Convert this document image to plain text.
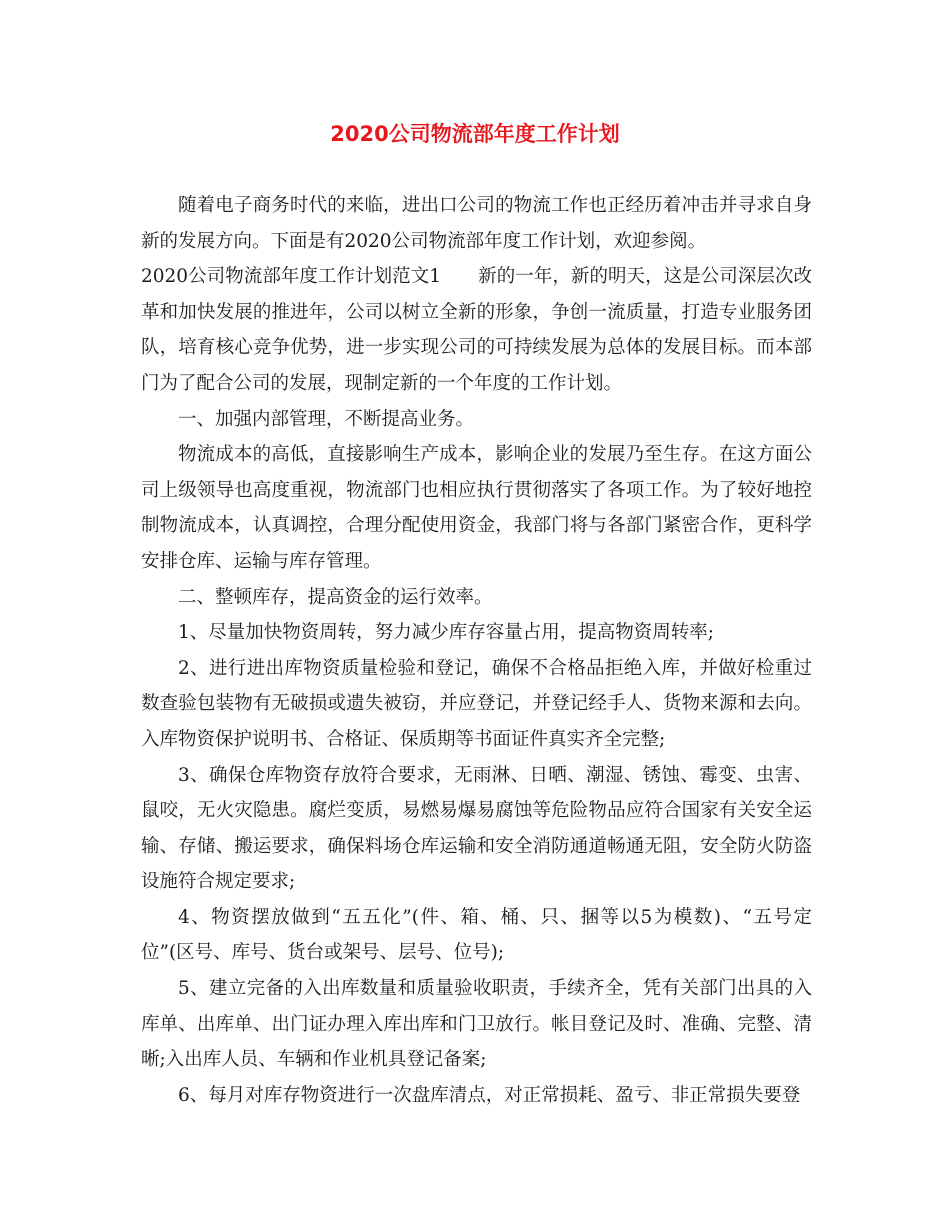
2020公司物流部年度工作计划

随着电子商务时代的来临，进出口公司的物流工作也正经历着冲击并寻求自身新的发展方向。下面是有2020公司物流部年度工作计划，欢迎参阅。

2020公司物流部年度工作计划范文1　　新的一年，新的明天，这是公司深层次改革和加快发展的推进年，公司以树立全新的形象，争创一流质量，打造专业服务团队，培育核心竞争优势，进一步实现公司的可持续发展为总体的发展目标。而本部门为了配合公司的发展，现制定新的一个年度的工作计划。

一、加强内部管理，不断提高业务。

物流成本的高低，直接影响生产成本，影响企业的发展乃至生存。在这方面公司上级领导也高度重视，物流部门也相应执行贯彻落实了各项工作。为了较好地控制物流成本，认真调控，合理分配使用资金，我部门将与各部门紧密合作，更科学安排仓库、运输与库存管理。

二、整顿库存，提高资金的运行效率。

1、尽量加快物资周转，努力减少库存容量占用，提高物资周转率;

2、进行进出库物资质量检验和登记，确保不合格品拒绝入库，并做好检重过数查验包装物有无破损或遗失被窃，并应登记，并登记经手人、货物来源和去向。入库物资保护说明书、合格证、保质期等书面证件真实齐全完整;

3、确保仓库物资存放符合要求，无雨淋、日晒、潮湿、锈蚀、霉变、虫害、鼠咬，无火灾隐患。腐烂变质，易燃易爆易腐蚀等危险物品应符合国家有关安全运输、存储、搬运要求，确保料场仓库运输和安全消防通道畅通无阻，安全防火防盗设施符合规定要求;

4、物资摆放做到“五五化”(件、箱、桶、只、捆等以5为模数)、“五号定位”(区号、库号、货台或架号、层号、位号);

5、建立完备的入出库数量和质量验收职责，手续齐全，凭有关部门出具的入库单、出库单、出门证办理入库出库和门卫放行。帐目登记及时、准确、完整、清晰;入出库人员、车辆和作业机具登记备案;

6、每月对库存物资进行一次盘库清点，对正常损耗、盈亏、非正常损失要登
